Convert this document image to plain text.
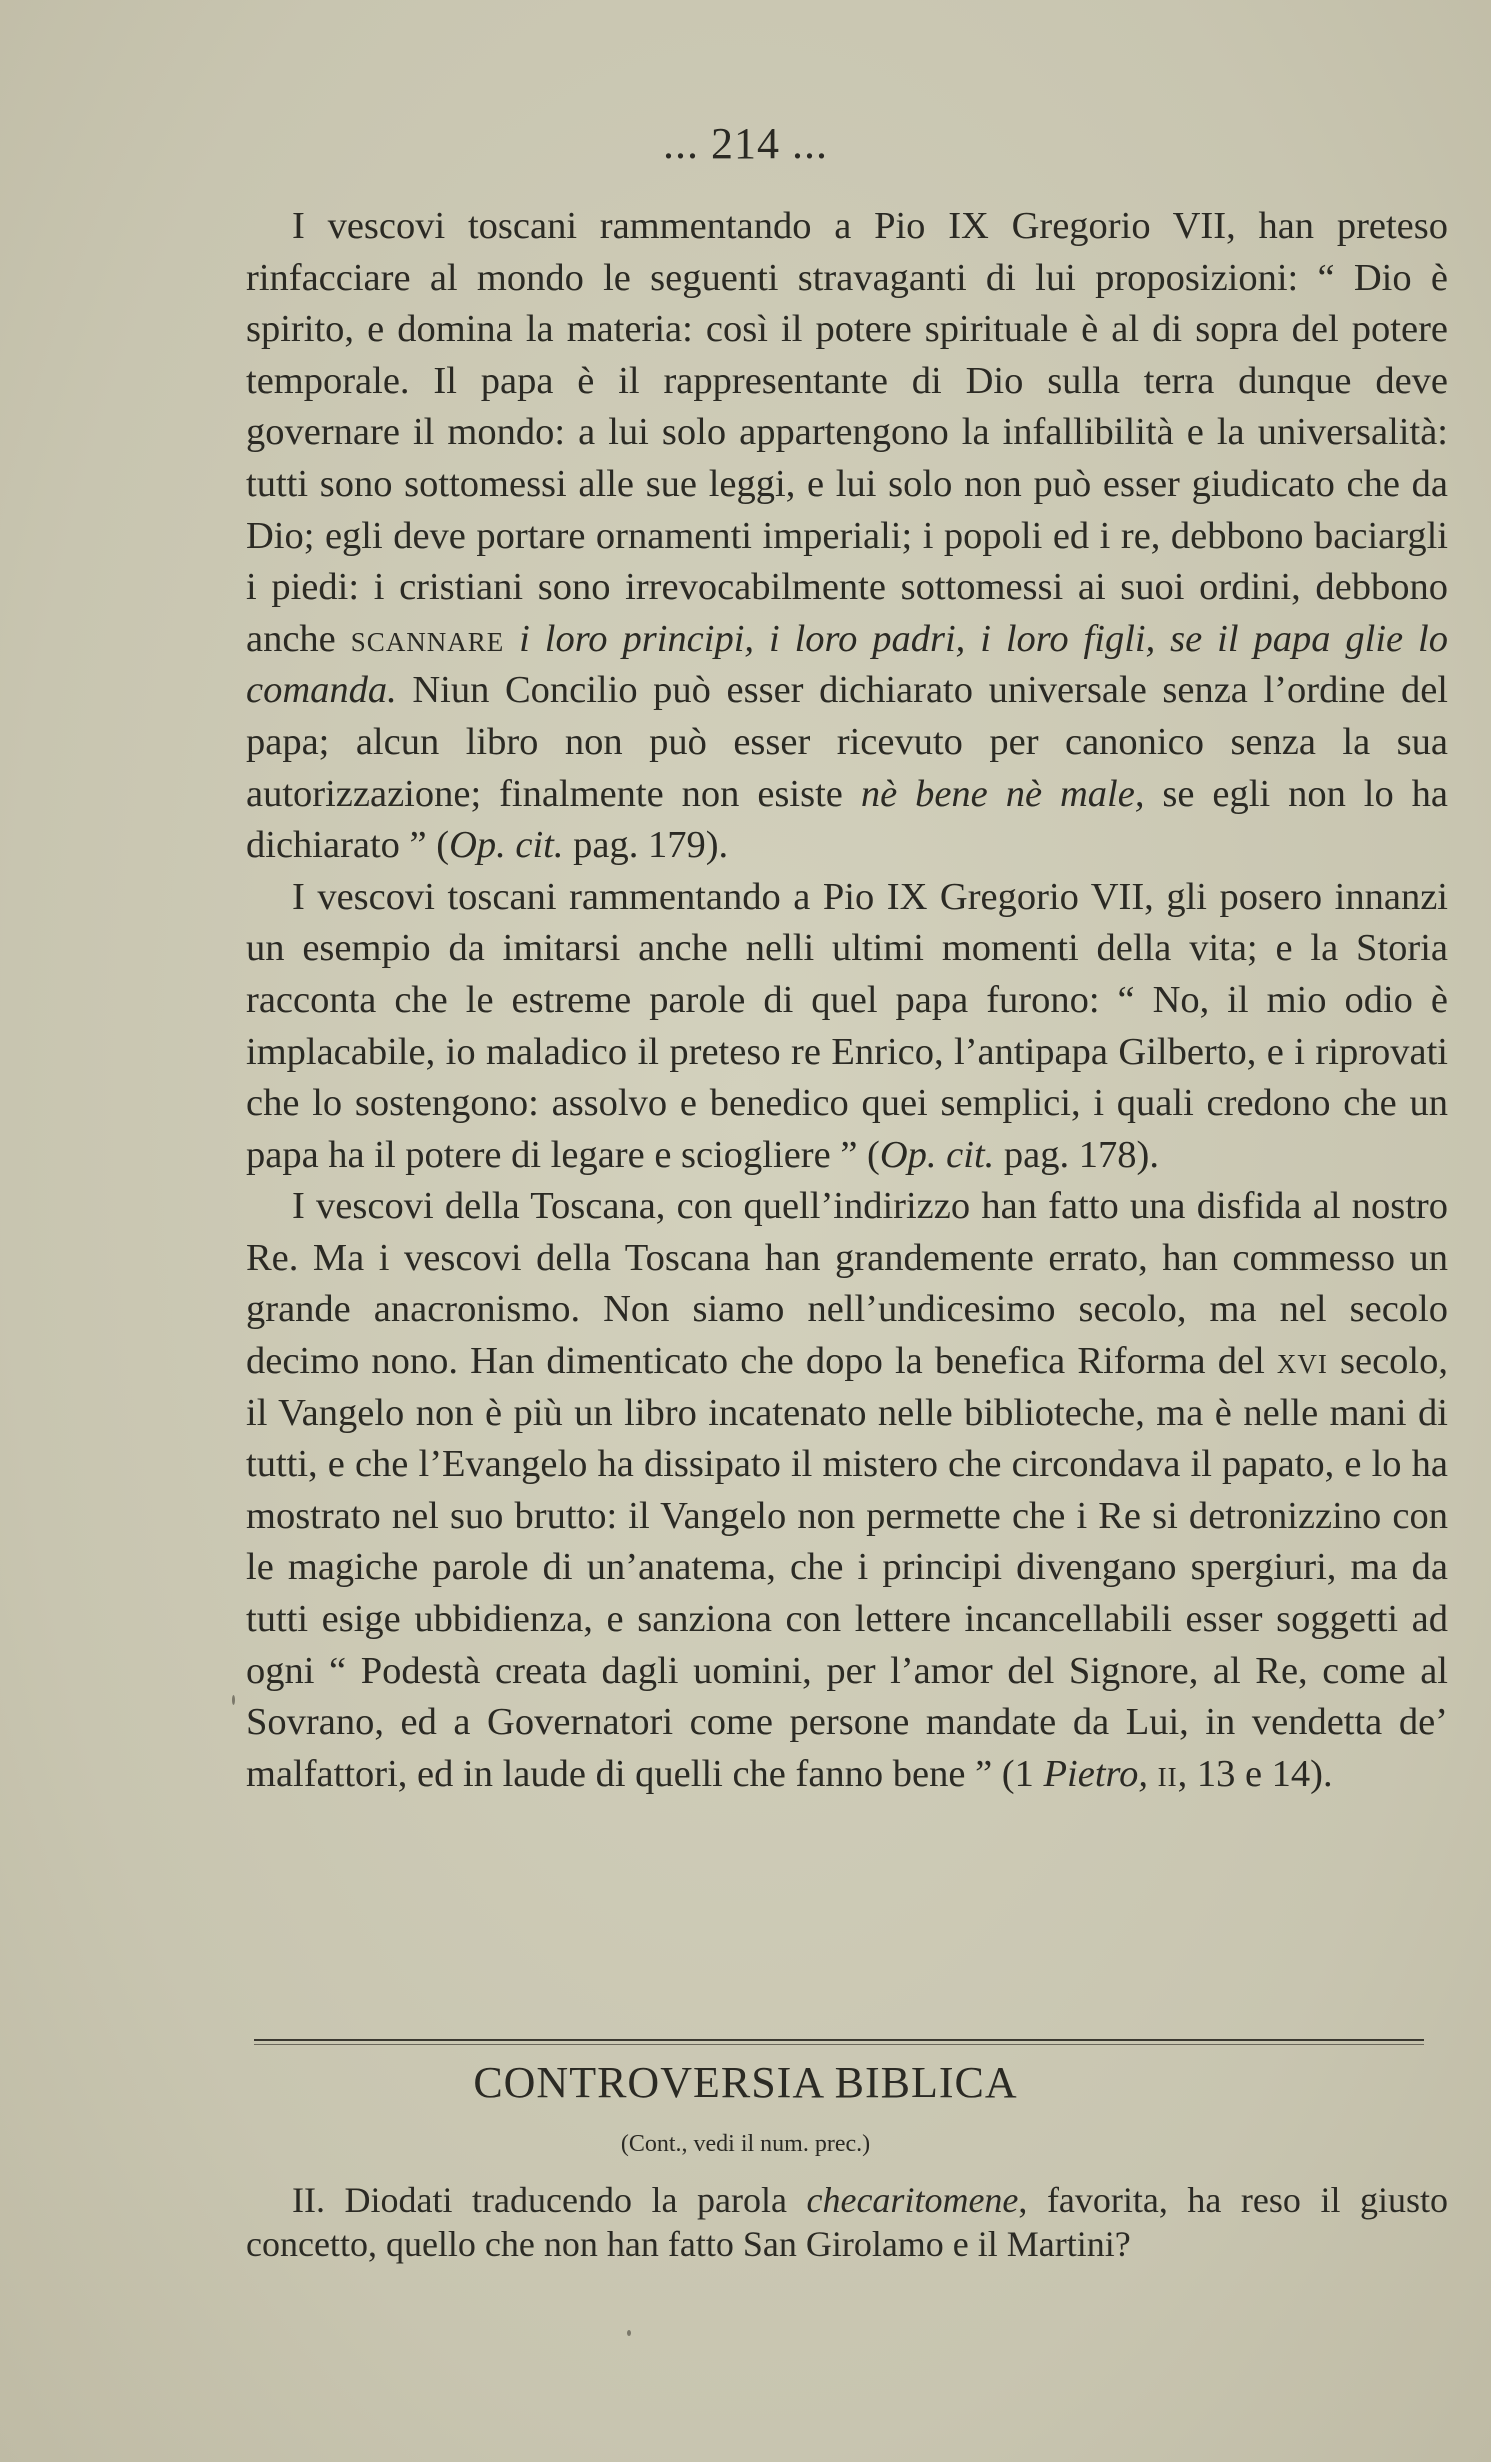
... 214 ...

I vescovi toscani rammentando a Pio IX Gregorio VII, han preteso rinfacciare al mondo le seguenti stravaganti di lui proposizioni: “ Dio è spirito, e domina la materia: così il potere spirituale è al di sopra del potere temporale. Il papa è il rappresentante di Dio sulla terra dunque deve governare il mondo: a lui solo appartengono la infallibilità e la universalità: tutti sono sottomessi alle sue leggi, e lui solo non può esser giudicato che da Dio; egli deve portare ornamenti imperiali; i popoli ed i re, debbono baciargli i piedi: i cristiani sono irrevocabilmente sottomessi ai suoi ordini, debbono anche scannare i loro principi, i loro padri, i loro figli, se il papa glie lo comanda. Niun Concilio può esser dichiarato universale senza l’ordine del papa; alcun libro non può esser ricevuto per canonico senza la sua autorizzazione; finalmente non esiste nè bene nè male, se egli non lo ha dichiarato ” (Op. cit. pag. 179).

I vescovi toscani rammentando a Pio IX Gregorio VII, gli posero innanzi un esempio da imitarsi anche nelli ultimi momenti della vita; e la Storia racconta che le estreme parole di quel papa furono: “ No, il mio odio è implacabile, io maladico il preteso re Enrico, l’antipapa Gilberto, e i riprovati che lo sostengono: assolvo e benedico quei semplici, i quali credono che un papa ha il potere di legare e sciogliere ” (Op. cit. pag. 178).

I vescovi della Toscana, con quell’indirizzo han fatto una disfida al nostro Re. Ma i vescovi della Toscana han grandemente errato, han commesso un grande anacronismo. Non siamo nell’undicesimo secolo, ma nel secolo decimo nono. Han dimenticato che dopo la benefica Riforma del xvi secolo, il Vangelo non è più un libro incatenato nelle biblioteche, ma è nelle mani di tutti, e che l’Evangelo ha dissipato il mistero che circondava il papato, e lo ha mostrato nel suo brutto: il Vangelo non permette che i Re si detronizzino con le magiche parole di un’anatema, che i principi divengano spergiuri, ma da tutti esige ubbidienza, e sanziona con lettere incancellabili esser soggetti ad ogni “ Podestà creata dagli uomini, per l’amor del Signore, al Re, come al Sovrano, ed a Governatori come persone mandate da Lui, in vendetta de’ malfattori, ed in laude di quelli che fanno bene ” (1 Pietro, ii, 13 e 14).

CONTROVERSIA BIBLICA
(Cont., vedi il num. prec.)

II. Diodati traducendo la parola checaritomene, favorita, ha reso il giusto concetto, quello che non han fatto San Girolamo e il Martini?
